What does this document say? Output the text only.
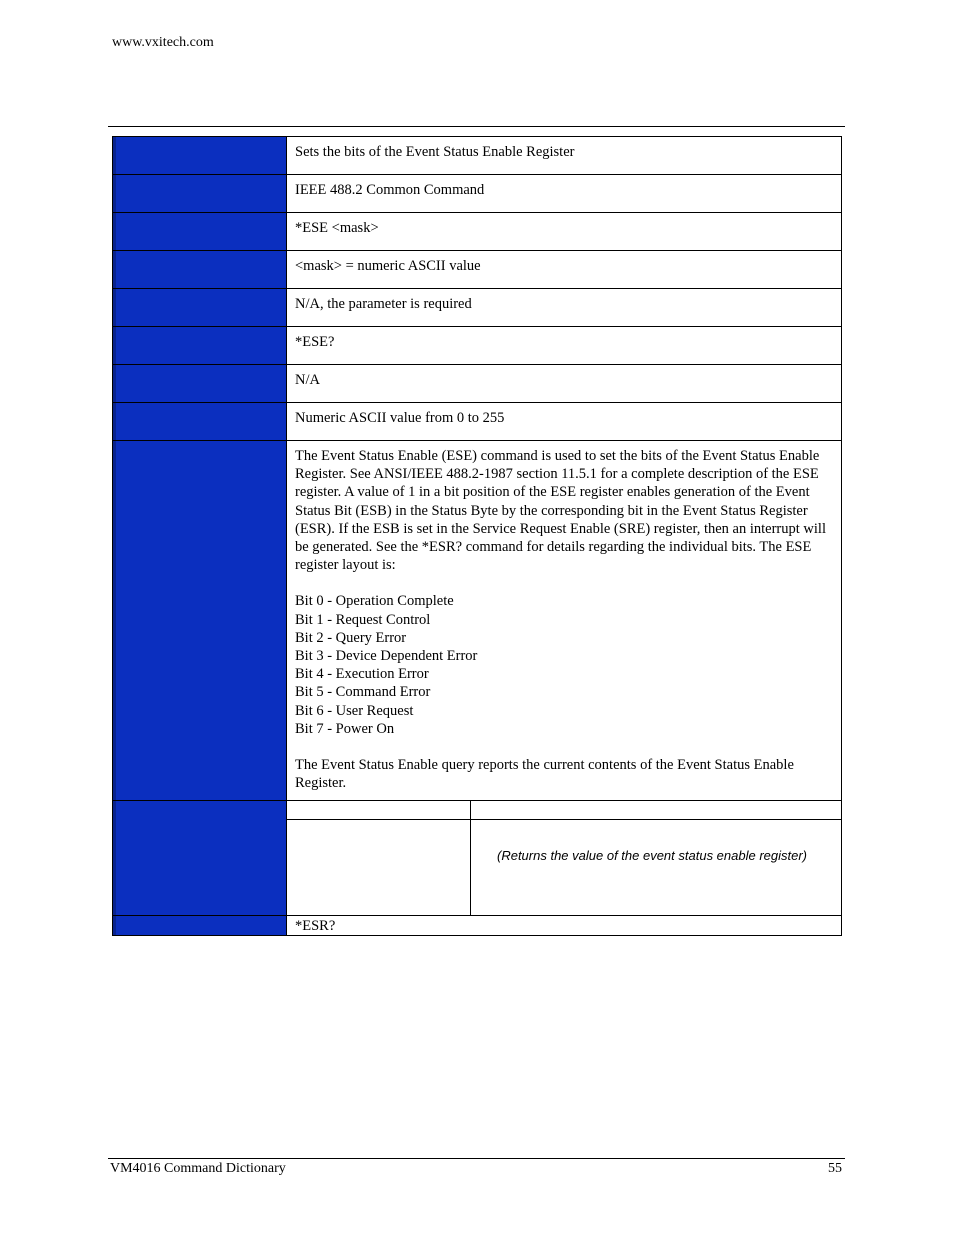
www.vxitech.com
	Sets the bits of the Event Status Enable Register
	IEEE 488.2 Common Command
	*ESE <mask>
	<mask> = numeric ASCII value
	N/A, the parameter is required
	*ESE?
	N/A
	Numeric ASCII value from 0 to 255

The Event Status Enable (ESE) command is used to set the bits of the Event Status Enable Register. See ANSI/IEEE 488.2-1987 section 11.5.1 for a complete description of the ESE register. A value of 1 in a bit position of the ESE register enables generation of the Event Status Bit (ESB) in the Status Byte by the corresponding bit in the Event Status Register (ESR). If the ESB is set in the Service Request Enable (SRE) register, then an interrupt will be generated. See the *ESR? command for details regarding the individual bits. The ESE register layout is:

Bit 0 - Operation Complete
Bit 1 - Request Control
Bit 2 - Query Error
Bit 3 - Device Dependent Error
Bit 4 - Execution Error
Bit 5 - Command Error
Bit 6 - User Request
Bit 7 - Power On

The Event Status Enable query reports the current contents of the Event Status Enable Register.

	(Returns the value of the event status enable register)

	*ESR?
VM4016 Command Dictionary	55
